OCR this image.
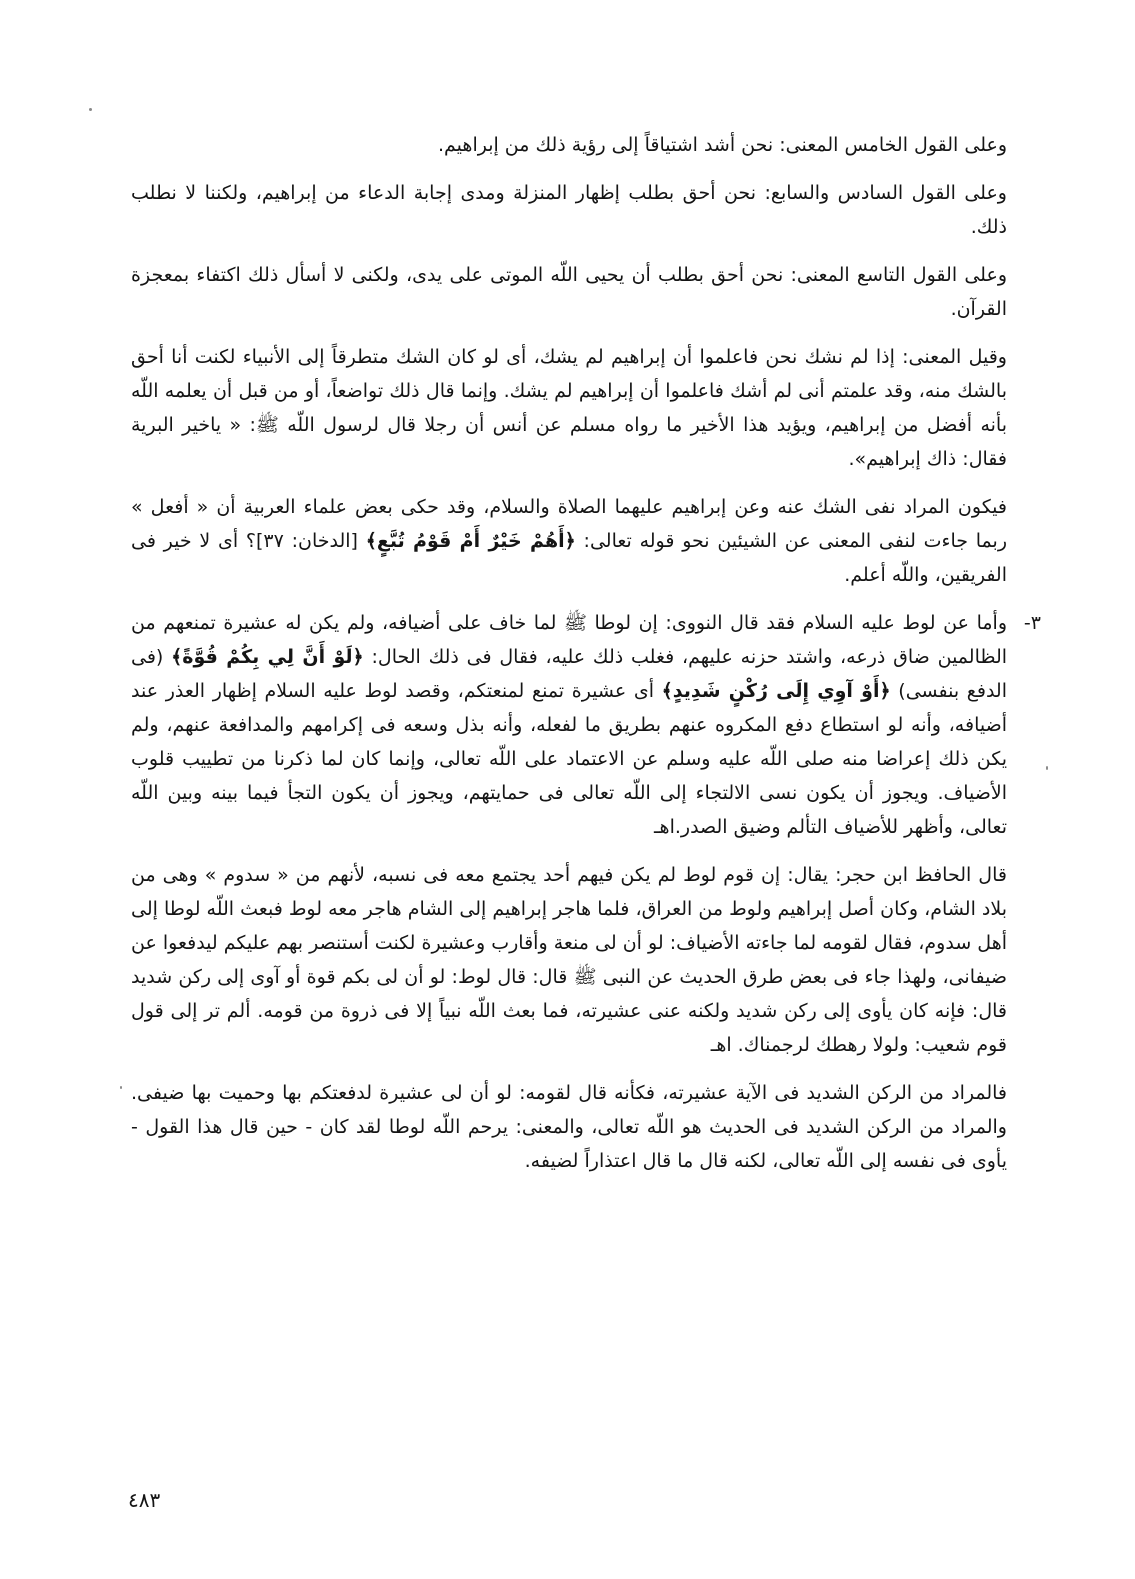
وعلى القول الخامس المعنى: نحن أشد اشتياقاً إلى رؤية ذلك من إبراهيم.

وعلى القول السادس والسابع: نحن أحق بطلب إظهار المنزلة ومدى إجابة الدعاء من إبراهيم، ولكننا لا نطلب ذلك.

وعلى القول التاسع المعنى: نحن أحق بطلب أن يحيى اللّه الموتى على يدى، ولكنى لا أسأل ذلك اكتفاء بمعجزة القرآن.

وقيل المعنى: إذا لم نشك نحن فاعلموا أن إبراهيم لم يشك، أى لو كان الشك متطرقاً إلى الأنبياء لكنت أنا أحق بالشك منه، وقد علمتم أنى لم أشك فاعلموا أن إبراهيم لم يشك. وإنما قال ذلك تواضعاً، أو من قبل أن يعلمه اللّه بأنه أفضل من إبراهيم، ويؤيد هذا الأخير ما رواه مسلم عن أنس أن رجلا قال لرسول اللّه ﷺ: « ياخير البرية فقال: ذاك إبراهيم».

فيكون المراد نفى الشك عنه وعن إبراهيم عليهما الصلاة والسلام، وقد حكى بعض علماء العربية أن « أفعل » ربما جاءت لنفى المعنى عن الشيئين نحو قوله تعالى: ﴿أَهُمْ خَيْرٌ أَمْ قَوْمُ تُبَّعٍ﴾ [الدخان: ٣٧]؟ أى لا خير فى الفريقين، واللّه أعلم.

٣-
وأما عن لوط عليه السلام فقد قال النووى: إن لوطا ﷺ لما خاف على أضيافه، ولم يكن له عشيرة تمنعهم من الظالمين ضاق ذرعه، واشتد حزنه عليهم، فغلب ذلك عليه، فقال فى ذلك الحال: ﴿لَوْ أَنَّ لِي بِكُمْ قُوَّةً﴾ (فى الدفع بنفسى) ﴿أَوْ آوِي إِلَى رُكْنٍ شَدِيدٍ﴾ أى عشيرة تمنع لمنعتكم، وقصد لوط عليه السلام إظهار العذر عند أضيافه، وأنه لو استطاع دفع المكروه عنهم بطريق ما لفعله، وأنه بذل وسعه فى إكرامهم والمدافعة عنهم، ولم يكن ذلك إعراضا منه صلى اللّه عليه وسلم عن الاعتماد على اللّه تعالى، وإنما كان لما ذكرنا من تطييب قلوب الأضياف. ويجوز أن يكون نسى الالتجاء إلى اللّه تعالى فى حمايتهم، ويجوز أن يكون التجأ فيما بينه وبين اللّه تعالى، وأظهر للأضياف التألم وضيق الصدر.اهـ

قال الحافظ ابن حجر: يقال: إن قوم لوط لم يكن فيهم أحد يجتمع معه فى نسبه، لأنهم من « سدوم » وهى من بلاد الشام، وكان أصل إبراهيم ولوط من العراق، فلما هاجر إبراهيم إلى الشام هاجر معه لوط فبعث اللّه لوطا إلى أهل سدوم، فقال لقومه لما جاءته الأضياف: لو أن لى منعة وأقارب وعشيرة لكنت أستنصر بهم عليكم ليدفعوا عن ضيفانى، ولهذا جاء فى بعض طرق الحديث عن النبى ﷺ قال: قال لوط: لو أن لى بكم قوة أو آوى إلى ركن شديد قال: فإنه كان يأوى إلى ركن شديد ولكنه عنى عشيرته، فما بعث اللّه نبياً إلا فى ذروة من قومه. ألم تر إلى قول قوم شعيب: ولولا رهطك لرجمناك. اهـ

فالمراد من الركن الشديد فى الآية عشيرته، فكأنه قال لقومه: لو أن لى عشيرة لدفعتكم بها وحميت بها ضيفى. والمراد من الركن الشديد فى الحديث هو اللّه تعالى، والمعنى: يرحم اللّه لوطا لقد كان - حين قال هذا القول - يأوى فى نفسه إلى اللّه تعالى، لكنه قال ما قال اعتذاراً لضيفه.

٤٨٣
